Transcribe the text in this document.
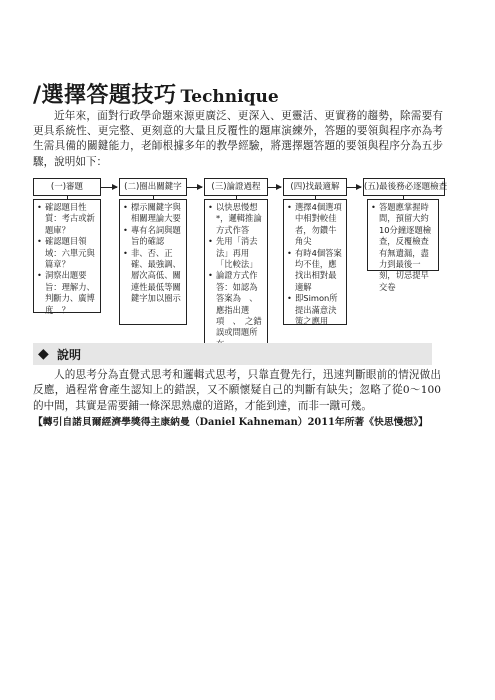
/選擇答題技巧 Technique

近年來，面對行政學命題來源更廣泛、更深入、更靈活、更實務的趨勢，除需要有更具系統性、更完整、更刻意的大量且反覆性的題庫演練外，答題的要領與程序亦為考生需具備的關鍵能力，老師根據多年的教學經驗，將選擇題答題的要領與程序分為五步驟，說明如下：

(一)審題
• 確認題目性質：考古或新題庫？
• 確認題目領域：六單元與篇章？
• 洞察出題要旨：理解力、判斷力、廣博度…？
(二)圈出關鍵字
• 標示關鍵字與相關理論大要
• 專有名詞與題旨的確認
• 非、否、正確、最強調、層次高低、關連性最低等關鍵字加以圈示
(三)論證過程
• 以快思慢想*，邏輯推論方式作答
• 先用「消去法」再用「比較法」
• 論證方式作答：如認為答案為　、　應指出選項　、　之錯誤或問題所
(四)找最適解
• 選擇4個選項中相對較佳者，勿鑽牛角尖
• 有時4個答案均不佳，應找出相對最適解
• 即Simon所提出滿意決策之應用
(五)最後務必逐題檢查
• 答題應掌握時間，預留大約10分鐘逐題檢查，反覆檢查有無遺漏，盡力到最後一刻，切忌提早交卷
◆ 說明

人的思考分為直覺式思考和邏輯式思考，只靠直覺先行，迅速判斷眼前的情況做出反應，過程常會產生認知上的錯誤，又不願懷疑自己的判斷有缺失；忽略了從0～100的中間，其實是需要鋪一條深思熟慮的道路，才能到達，而非一蹴可幾。

【轉引自諾貝爾經濟學獎得主康納曼（Daniel Kahneman）2011年所著《快思慢想》】
